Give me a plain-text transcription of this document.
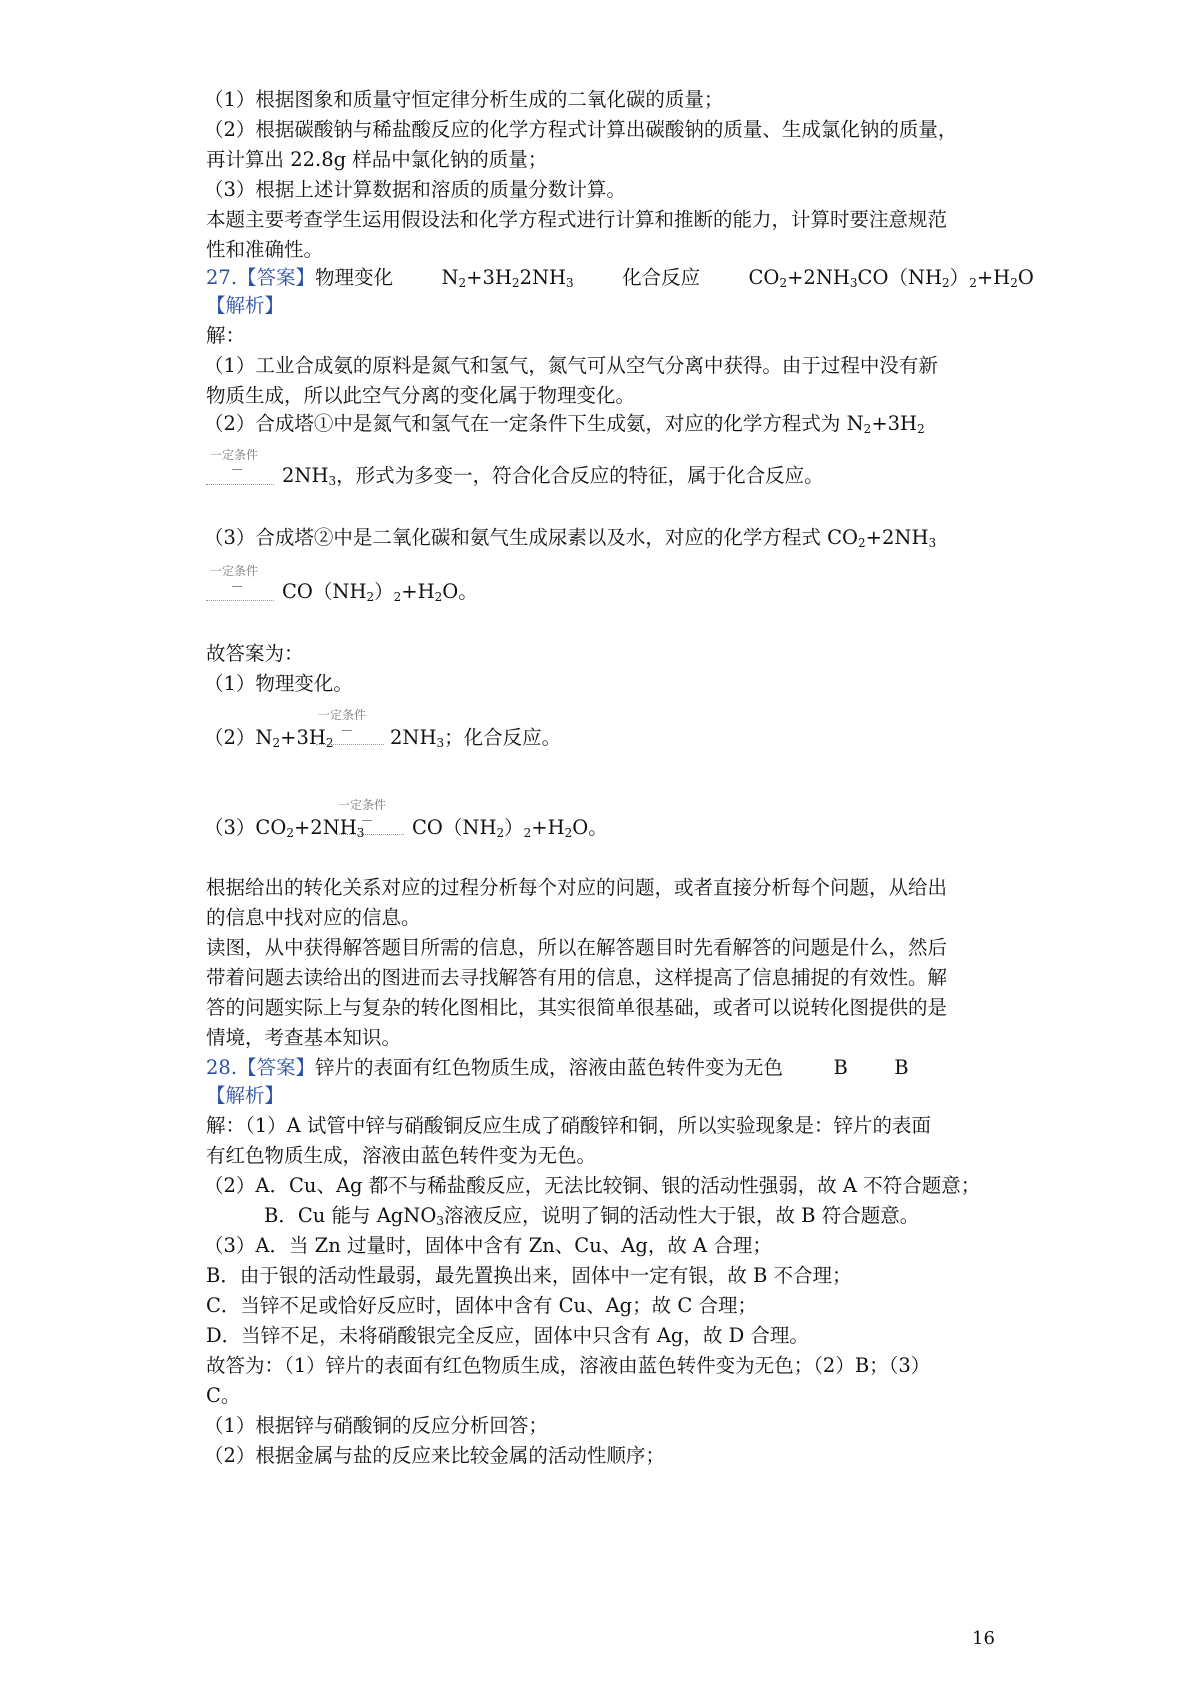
（1）根据图象和质量守恒定律分析生成的二氧化碳的质量；
（2）根据碳酸钠与稀盐酸反应的化学方程式计算出碳酸钠的质量、生成氯化钠的质量，
再计算出 22.8g 样品中氯化钠的质量；
（3）根据上述计算数据和溶质的质量分数计算。
本题主要考查学生运用假设法和化学方程式进行计算和推断的能力，计算时要注意规范
性和准确性。
27.【答案】物理变化 $N_2+3H_22NH_3$ 化合反应 $CO_2+2NH_3CO(NH_2)_2+H_2O$
【解析】
解：
（1）工业合成氨的原料是氮气和氢气，氮气可从空气分离中获得。由于过程中没有新
物质生成，所以此空气分离的变化属于物理变化。
（2）合成塔①中是氮气和氢气在一定条件下生成氨，对应的化学方程式为 $N_2+3H_2$
一定条件
$2NH_3$，形式为多变一，符合化合反应的特征，属于化合反应。
（3）合成塔②中是二氧化碳和氨气生成尿素以及水，对应的化学方程式 $CO_2+2NH_3$
一定条件
$CO(NH_2)_2+H_2O$。
故答案为：
（1）物理变化。
一定条件
$(2)N_2+3H_2$	$2NH_3$；化合反应。
一定条件
$(3)CO_2+2NH_3$ $CO(NH_2)_2+H_2O$。
根据给出的转化关系对应的过程分析每个对应的问题，或者直接分析每个问题，从给出
的信息中找对应的信息。
读图，从中获得解答题目所需的信息，所以在解答题目时先看解答的问题是什么，然后
带着问题去读给出的图进而去寻找解答有用的信息，这样提高了信息捕捉的有效性。解
答的问题实际上与复杂的转化图相比，其实很简单很基础，或者可以说转化图提供的是
情境，考查基本知识。
28.【答案】锌片的表面有红色物质生成，溶液由蓝色转件变为无色	B B
【解析】
解：（1）A 试管中锌与硝酸铜反应生成了硝酸锌和铜，所以实验现象是：锌片的表面
有红色物质生成，溶液由蓝色转件变为无色。
（2）A．Cu、Ag 都不与稀盐酸反应，无法比较铜、银的活动性强弱，故 A 不符合题意；
B．Cu 能与 AgNO$_3$溶液反应，说明了铜的活动性大于银，故 B 符合题意。
（3）A．当 Zn 过量时，固体中含有 Zn、Cu、Ag，故 A 合理；
B．由于银的活动性最弱，最先置换出来，固体中一定有银，故 B 不合理；
C．当锌不足或恰好反应时，固体中含有 Cu、Ag；故 C 合理；
D．当锌不足，未将硝酸银完全反应，固体中只含有 Ag，故 D 合理。
故答为：（1）锌片的表面有红色物质生成，溶液由蓝色转件变为无色；（2）B；（3）
C。
（1）根据锌与硝酸铜的反应分析回答；
（2）根据金属与盐的反应来比较金属的活动性顺序；
16
